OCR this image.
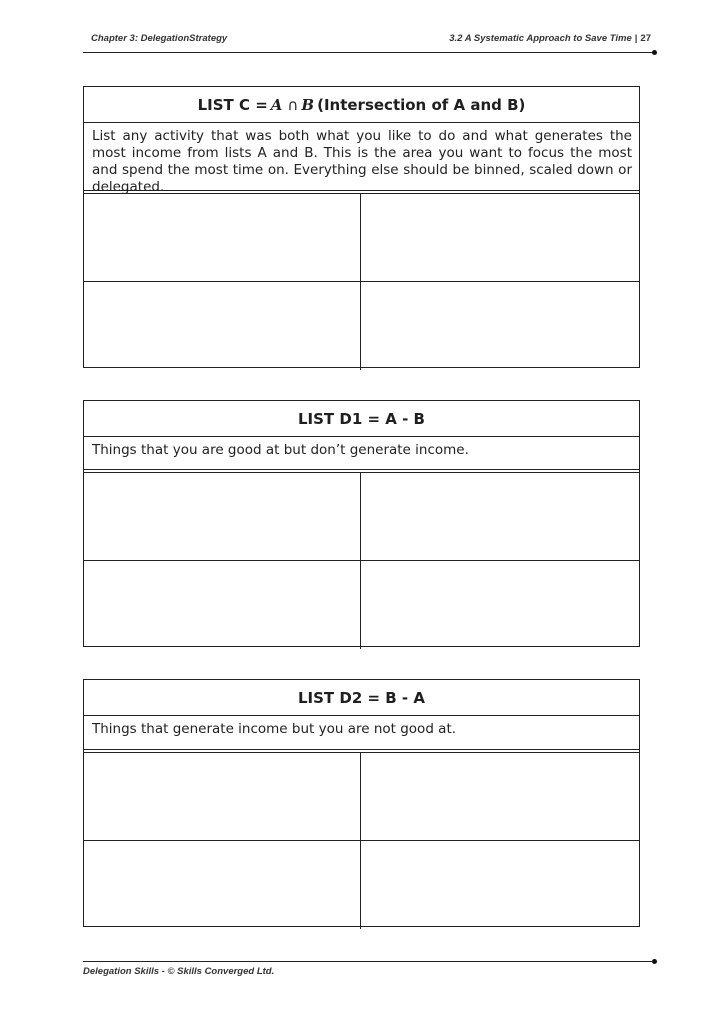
Chapter 3: DelegationStrategy	3.2 A Systematic Approach to Save Time | 27
LIST C = A ∩ B (Intersection of A and B)
List any activity that was both what you like to do and what generates the most income from lists A and B. This is the area you want to focus the most and spend the most time on. Everything else should be binned, scaled down or delegated.
LIST D1 = A - B
Things that you are good at but don’t generate income.
LIST D2 = B - A
Things that generate income but you are not good at.
Delegation Skills - © Skills Converged Ltd.
